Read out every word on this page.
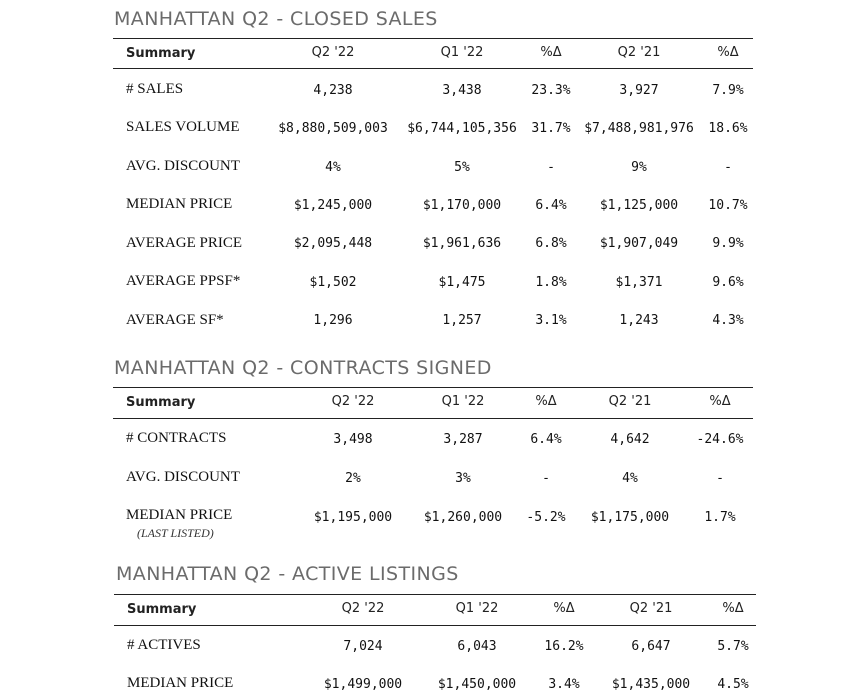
MANHATTAN Q2 - CLOSED SALES
Summary	Q2 '22	Q1 '22	%Δ	Q2 '21	%Δ
# SALES	4,238	3,438	23.3%	3,927	7.9%
SALES VOLUME	$8,880,509,003 $6,744,105,356 31.7% $7,488,981,976 18.6%
AVG. DISCOUNT	4%	5%	-	9%	-
MEDIAN PRICE	$1,245,000	$1,170,000	6.4%	$1,125,000 10.7%
AVERAGE PRICE	$2,095,448	$1,961,636	6.8%	$1,907,049	9.9%
AVERAGE PPSF*	$1,502	$1,475	1.8%	$1,371	9.6%
AVERAGE SF*	1,296	1,257	3.1%	1,243	4.3%
MANHATTAN Q2 - CONTRACTS SIGNED
Summary	Q2 '22	Q1 '22	%Δ	Q2 '21	%Δ
# CONTRACTS	3,498	3,287	6.4%	4,642	-24.6%
AVG. DISCOUNT	2%	3%	-	4%	-
MEDIAN PRICE
(LAST LISTED)
$1,195,000 $1,260,000 -5.2% $1,175,000	1.7%
MANHATTAN Q2 - ACTIVE LISTINGS
Summary	Q2 '22	Q1 '22	%Δ	Q2 '21	%Δ
# ACTIVES	7,024	6,043	16.2%	6,647	5.7%
MEDIAN PRICE	$1,499,000	$1,450,000 3.4% $1,435,000 4.5%
